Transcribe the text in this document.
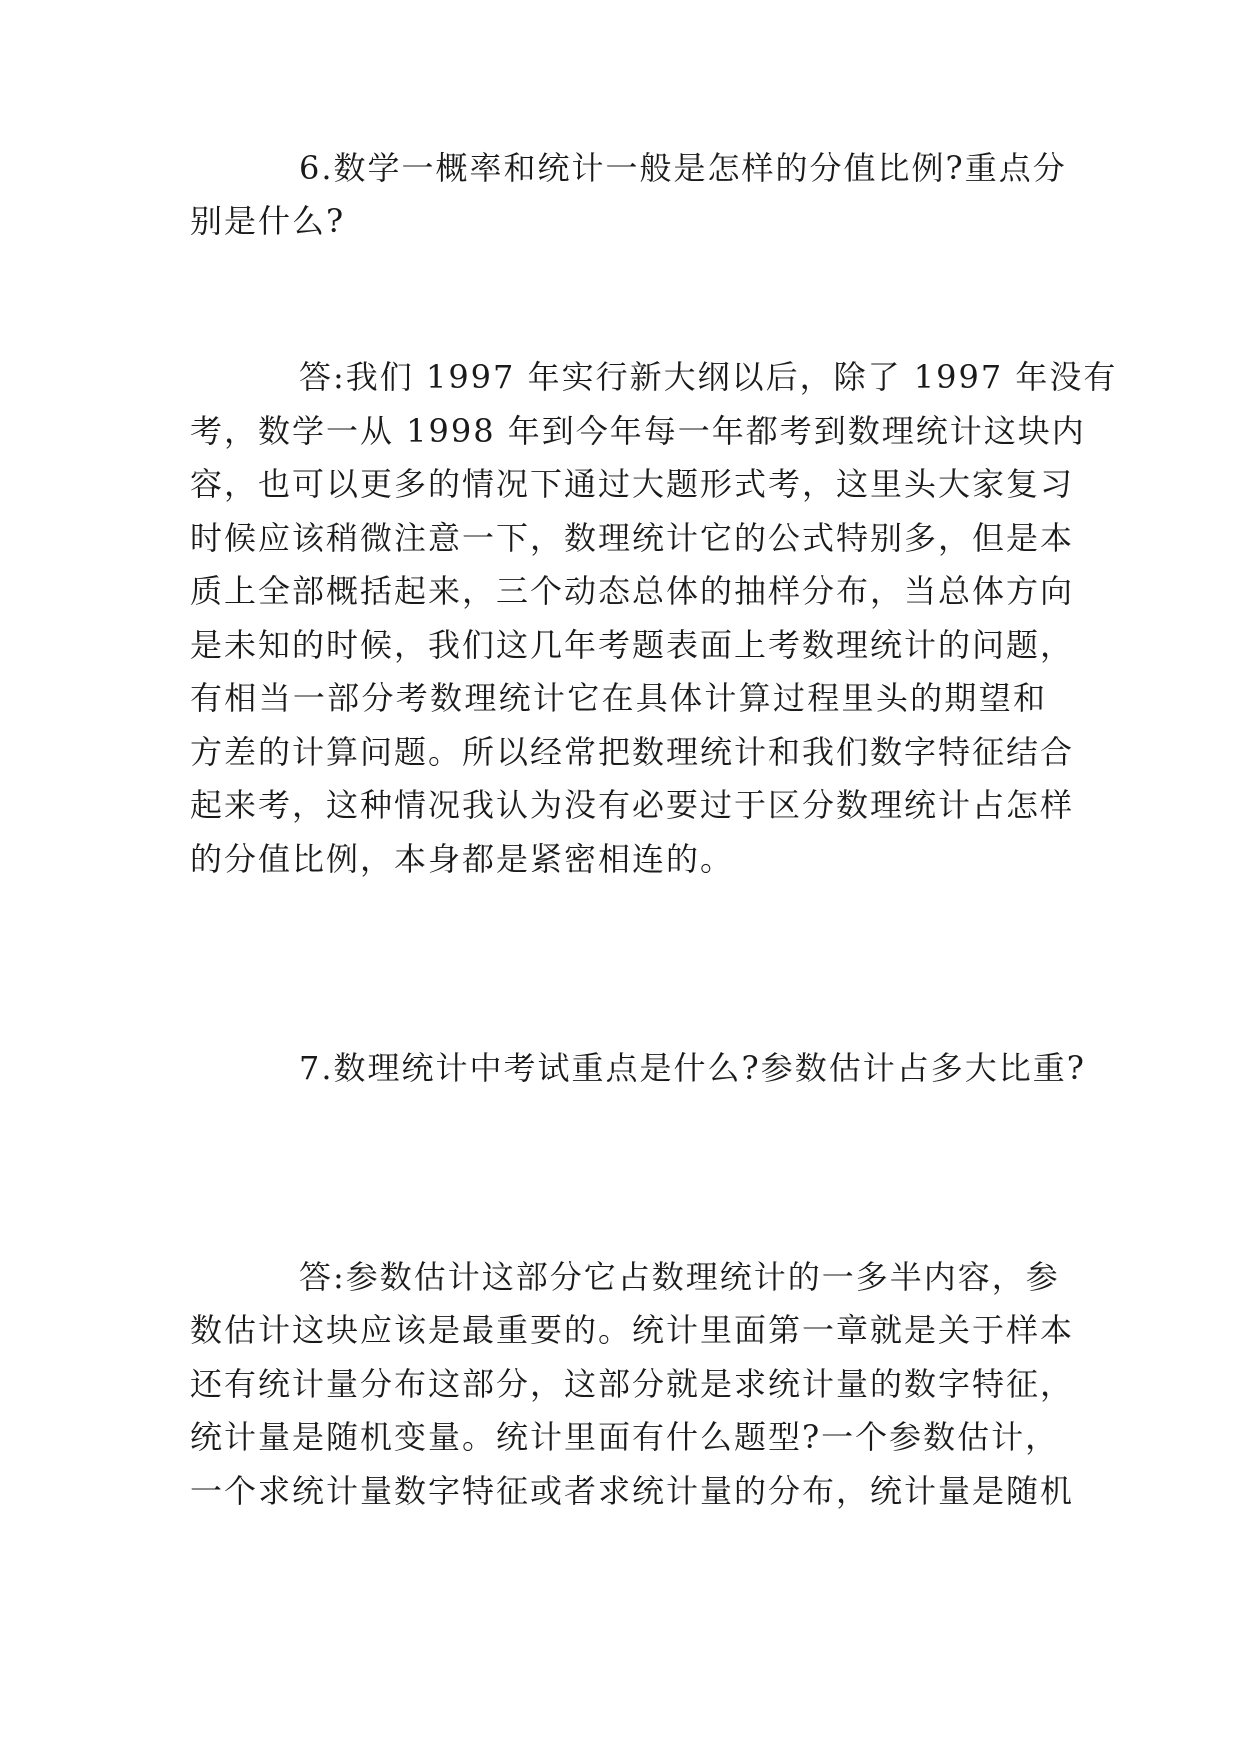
6.数学一概率和统计一般是怎样的分值比例?重点分
别是什么?
答:我们 1997 年实行新大纲以后，除了 1997 年没有
考，数学一从 1998 年到今年每一年都考到数理统计这块内
容，也可以更多的情况下通过大题形式考，这里头大家复习
时候应该稍微注意一下，数理统计它的公式特别多，但是本
质上全部概括起来，三个动态总体的抽样分布，当总体方向
是未知的时候，我们这几年考题表面上考数理统计的问题，
有相当一部分考数理统计它在具体计算过程里头的期望和
方差的计算问题。所以经常把数理统计和我们数字特征结合
起来考，这种情况我认为没有必要过于区分数理统计占怎样
的分值比例，本身都是紧密相连的。
7.数理统计中考试重点是什么?参数估计占多大比重?
答:参数估计这部分它占数理统计的一多半内容，参
数估计这块应该是最重要的。统计里面第一章就是关于样本
还有统计量分布这部分，这部分就是求统计量的数字特征，
统计量是随机变量。统计里面有什么题型?一个参数估计，
一个求统计量数字特征或者求统计量的分布，统计量是随机
